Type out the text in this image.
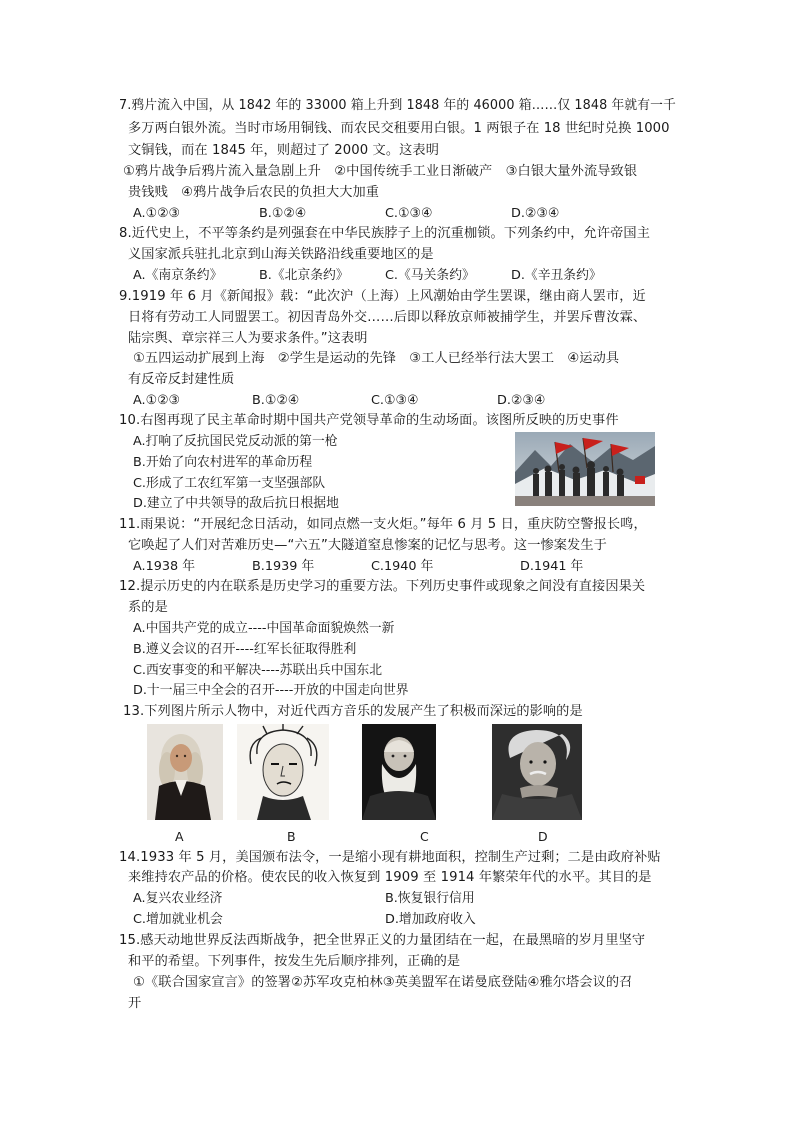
7.鸦片流入中国，从 1842 年的 33000 箱上升到 1848 年的 46000 箱……仅 1848 年就有一千
多万两白银外流。当时市场用铜钱、而农民交租要用白银。1 两银子在 18 世纪时兑换 1000
文铜钱，而在 1845 年，则超过了 2000 文。这表明
①鸦片战争后鸦片流入量急剧上升　②中国传统手工业日渐破产　③白银大量外流导致银
贵钱贱　④鸦片战争后农民的负担大大加重
A.①②③	B.①②④	C.①③④	D.②③④
8.近代史上，不平等条约是列强套在中华民族脖子上的沉重枷锁。下列条约中，允许帝国主
义国家派兵驻扎北京到山海关铁路沿线重要地区的是
A.《南京条约》	B.《北京条约》	C.《马关条约》	D.《辛丑条约》
9.1919 年 6 月《新闻报》载：“此次沪（上海）上风潮始由学生罢课，继由商人罢市，近
日将有劳动工人同盟罢工。初因青岛外交……后即以释放京师被捕学生，并罢斥曹汝霖、
陆宗舆、章宗祥三人为要求条件。”这表明
①五四运动扩展到上海　②学生是运动的先锋　③工人已经举行法大罢工　④运动具
有反帝反封建性质
A.①②③	B.①②④	C.①③④	D.②③④
10.右图再现了民主革命时期中国共产党领导革命的生动场面。该图所反映的历史事件
A.打响了反抗国民党反动派的第一枪
B.开始了向农村进军的革命历程
C.形成了工农红军第一支坚强部队
D.建立了中共领导的敌后抗日根据地
11.雨果说：“开展纪念日活动，如同点燃一支火炬。”每年 6 月 5 日，重庆防空警报长鸣，
它唤起了人们对苦难历史—“六五”大隧道窒息惨案的记忆与思考。这一惨案发生于
A.1938 年	B.1939 年	C.1940 年	D.1941 年
12.提示历史的内在联系是历史学习的重要方法。下列历史事件或现象之间没有直接因果关
系的是
A.中国共产党的成立----中国革命面貌焕然一新
B.遵义会议的召开----红军长征取得胜利
C.西安事变的和平解决----苏联出兵中国东北
D.十一届三中全会的召开----开放的中国走向世界
13.下列图片所示人物中，对近代西方音乐的发展产生了积极而深远的影响的是
A	B	C	D
14.1933 年 5 月，美国颁布法令，一是缩小现有耕地面积，控制生产过剩；二是由政府补贴
来维持农产品的价格。使农民的收入恢复到 1909 至 1914 年繁荣年代的水平。其目的是
A.复兴农业经济	B.恢复银行信用
C.增加就业机会	D.增加政府收入
15.感天动地世界反法西斯战争，把全世界正义的力量团结在一起，在最黑暗的岁月里坚守
和平的希望。下列事件，按发生先后顺序排列，正确的是
①《联合国家宣言》的签署②苏军攻克柏林③英美盟军在诺曼底登陆④雅尔塔会议的召
开
